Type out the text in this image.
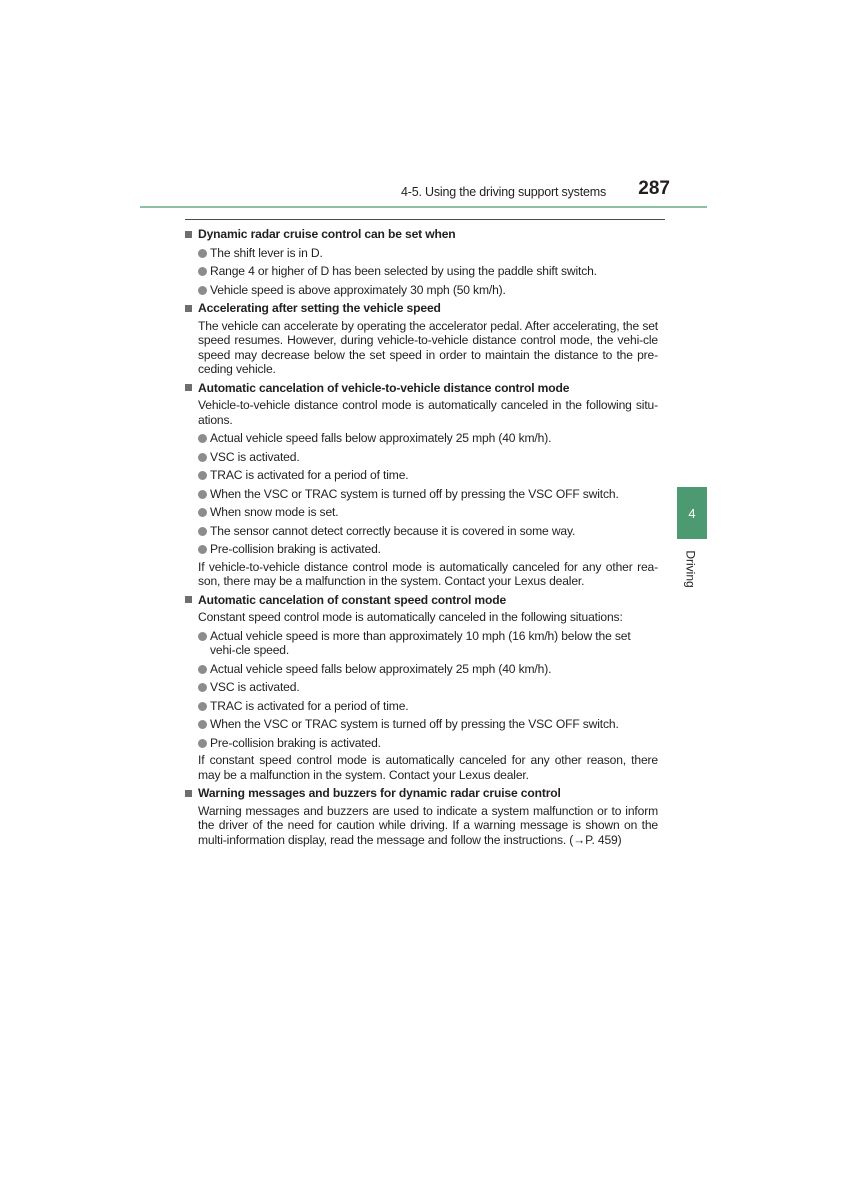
4-5. Using the driving support systems	287
Dynamic radar cruise control can be set when
The shift lever is in D.
Range 4 or higher of D has been selected by using the paddle shift switch.
Vehicle speed is above approximately 30 mph (50 km/h).
Accelerating after setting the vehicle speed
The vehicle can accelerate by operating the accelerator pedal. After accelerating, the set speed resumes. However, during vehicle-to-vehicle distance control mode, the vehi-cle speed may decrease below the set speed in order to maintain the distance to the pre-ceding vehicle.
Automatic cancelation of vehicle-to-vehicle distance control mode
Vehicle-to-vehicle distance control mode is automatically canceled in the following situ-ations.
Actual vehicle speed falls below approximately 25 mph (40 km/h).
VSC is activated.
TRAC is activated for a period of time.
When the VSC or TRAC system is turned off by pressing the VSC OFF switch.
When snow mode is set.
The sensor cannot detect correctly because it is covered in some way.
Pre-collision braking is activated.
If vehicle-to-vehicle distance control mode is automatically canceled for any other rea-son, there may be a malfunction in the system. Contact your Lexus dealer.
Automatic cancelation of constant speed control mode
Constant speed control mode is automatically canceled in the following situations:
Actual vehicle speed is more than approximately 10 mph (16 km/h) below the set vehi-cle speed.
Actual vehicle speed falls below approximately 25 mph (40 km/h).
VSC is activated.
TRAC is activated for a period of time.
When the VSC or TRAC system is turned off by pressing the VSC OFF switch.
Pre-collision braking is activated.
If constant speed control mode is automatically canceled for any other reason, there may be a malfunction in the system. Contact your Lexus dealer.
Warning messages and buzzers for dynamic radar cruise control
Warning messages and buzzers are used to indicate a system malfunction or to inform the driver of the need for caution while driving. If a warning message is shown on the multi-information display, read the message and follow the instructions. (→P. 459)
4
Driving
